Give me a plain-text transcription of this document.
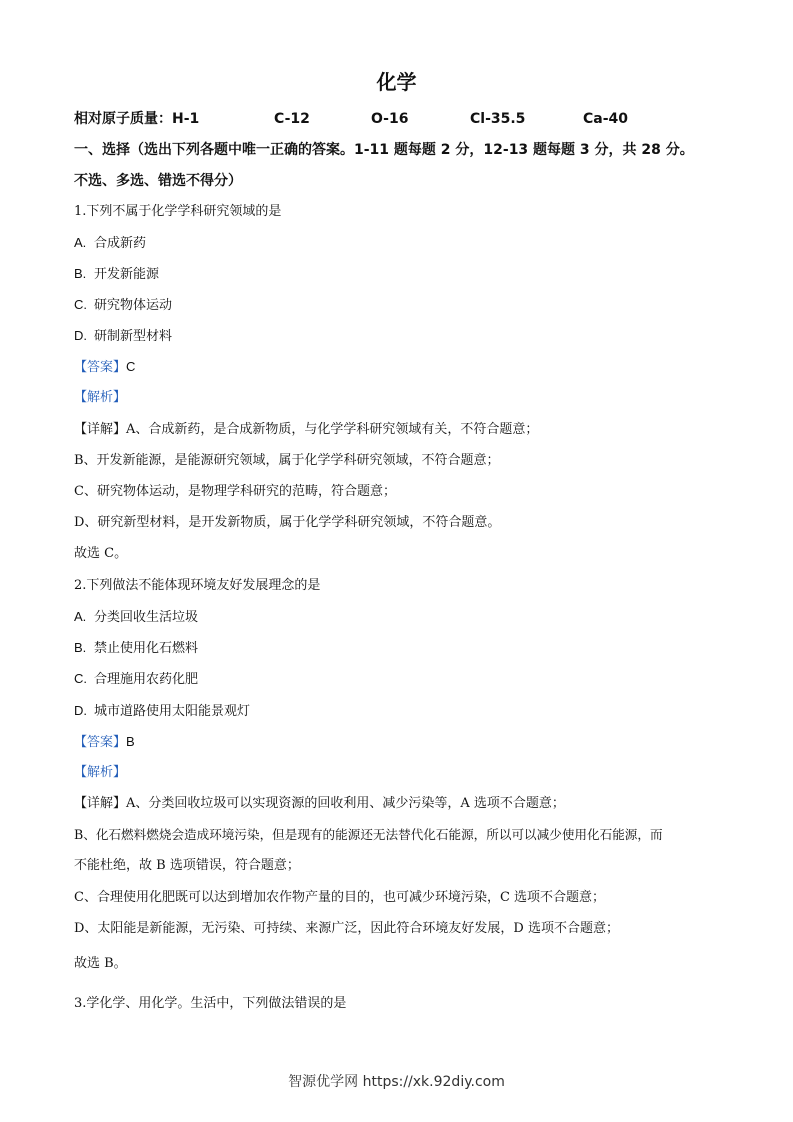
化学
相对原子质量：H-1	C-12	O-16	Cl-35.5	Ca-40
一、选择（选出下列各题中唯一正确的答案。1-11 题每题 2 分，12-13 题每题 3 分，共 28 分。
不选、多选、错选不得分）
1.下列不属于化学学科研究领域的是
A. 合成新药
B. 开发新能源
C. 研究物体运动
D. 研制新型材料
【答案】C
【解析】
【详解】A、合成新药，是合成新物质，与化学学科研究领域有关，不符合题意；
B、开发新能源，是能源研究领域，属于化学学科研究领域，不符合题意；
C、研究物体运动，是物理学科研究的范畴，符合题意；
D、研究新型材料，是开发新物质，属于化学学科研究领域，不符合题意。
故选 C。
2.下列做法不能体现环境友好发展理念的是
A. 分类回收生活垃圾
B. 禁止使用化石燃料
C. 合理施用农药化肥
D. 城市道路使用太阳能景观灯
【答案】B
【解析】
【详解】A、分类回收垃圾可以实现资源的回收利用、减少污染等，A 选项不合题意；
B、化石燃料燃烧会造成环境污染，但是现有的能源还无法替代化石能源，所以可以减少使用化石能源，而
不能杜绝，故 B 选项错误，符合题意；
C、合理使用化肥既可以达到增加农作物产量的目的，也可减少环境污染，C 选项不合题意；
D、太阳能是新能源，无污染、可持续、来源广泛，因此符合环境友好发展，D 选项不合题意；
故选 B。
3.学化学、用化学。生活中，下列做法错误的是
智源优学网 https://xk.92diy.com
